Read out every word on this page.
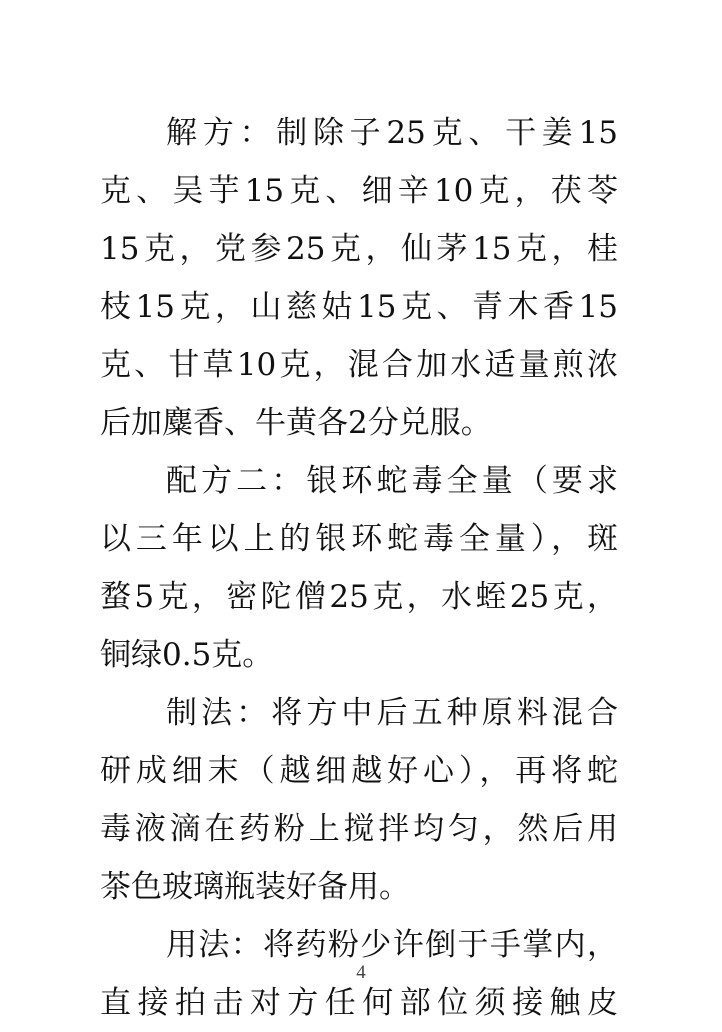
解方：制除子25克、干姜15
克、吴芋15克、细辛10克，茯苓
15克，党参25克，仙茅15克，桂
枝15克，山慈姑15克、青木香15
克、甘草10克，混合加水适量煎浓
后加麋香、牛黄各2分兑服。
配方二：银环蛇毒全量（要求
以三年以上的银环蛇毒全量），斑
蝥5克，密陀僧25克，水蛭25克，
铜绿0.5克。
制法：将方中后五种原料混合
研成细末（越细越好心），再将蛇
毒液滴在药粉上搅拌均匀，然后用
茶色玻璃瓶装好备用。
用法：将药粉少许倒于手掌内，
直接拍击对方任何部位须接触皮
4
